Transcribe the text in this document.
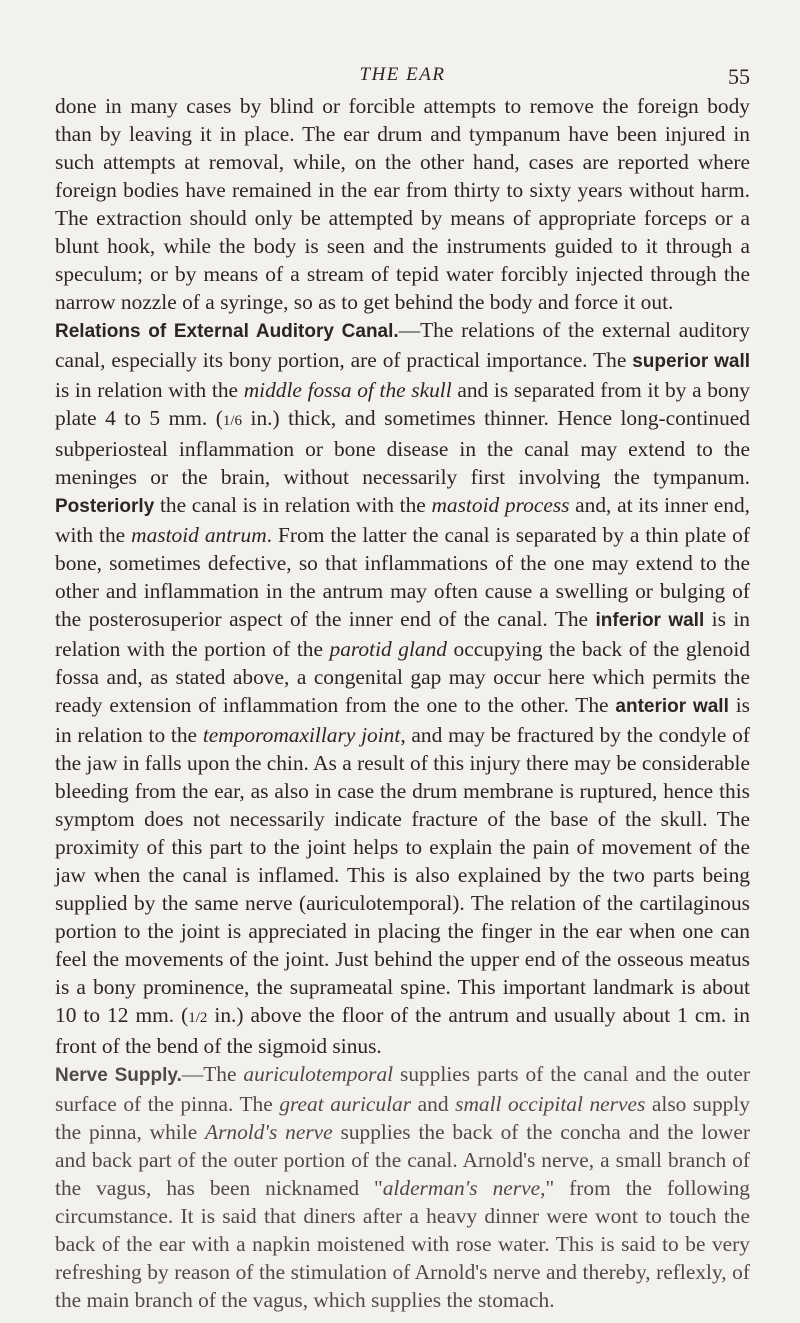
THE EAR	55

done in many cases by blind or forcible attempts to remove the foreign body than by leaving it in place. The ear drum and tympanum have been injured in such attempts at removal, while, on the other hand, cases are reported where foreign bodies have remained in the ear from thirty to sixty years without harm. The extraction should only be attempted by means of appropriate forceps or a blunt hook, while the body is seen and the instruments guided to it through a speculum; or by means of a stream of tepid water forcibly injected through the narrow nozzle of a syringe, so as to get behind the body and force it out.

Relations of External Auditory Canal.—The relations of the external auditory canal, especially its bony portion, are of practical importance. The superior wall is in relation with the middle fossa of the skull and is separated from it by a bony plate 4 to 5 mm. (1/6 in.) thick, and sometimes thinner. Hence long-continued subperiosteal inflammation or bone disease in the canal may extend to the meninges or the brain, without necessarily first involving the tympanum. Posteriorly the canal is in relation with the mastoid process and, at its inner end, with the mastoid antrum. From the latter the canal is separated by a thin plate of bone, sometimes defective, so that inflammations of the one may extend to the other and inflammation in the antrum may often cause a swelling or bulging of the posterosuperior aspect of the inner end of the canal. The inferior wall is in relation with the portion of the parotid gland occupying the back of the glenoid fossa and, as stated above, a congenital gap may occur here which permits the ready extension of inflammation from the one to the other. The anterior wall is in relation to the temporomaxillary joint, and may be fractured by the condyle of the jaw in falls upon the chin. As a result of this injury there may be considerable bleeding from the ear, as also in case the drum membrane is ruptured, hence this symptom does not necessarily indicate fracture of the base of the skull. The proximity of this part to the joint helps to explain the pain of movement of the jaw when the canal is inflamed. This is also explained by the two parts being supplied by the same nerve (auriculotemporal). The relation of the cartilaginous portion to the joint is appreciated in placing the finger in the ear when one can feel the movements of the joint. Just behind the upper end of the osseous meatus is a bony prominence, the suprameatal spine. This important landmark is about 10 to 12 mm. (1/2 in.) above the floor of the antrum and usually about 1 cm. in front of the bend of the sigmoid sinus.

Nerve Supply.—The auriculotemporal supplies parts of the canal and the outer surface of the pinna. The great auricular and small occipital nerves also supply the pinna, while Arnold's nerve supplies the back of the concha and the lower and back part of the outer portion of the canal. Arnold's nerve, a small branch of the vagus, has been nicknamed "alderman's nerve," from the following circumstance. It is said that diners after a heavy dinner were wont to touch the back of the ear with a napkin moistened with rose water. This is said to be very refreshing by reason of the stimulation of Arnold's nerve and thereby, reflexly, of the main branch of the vagus, which supplies the stomach.
